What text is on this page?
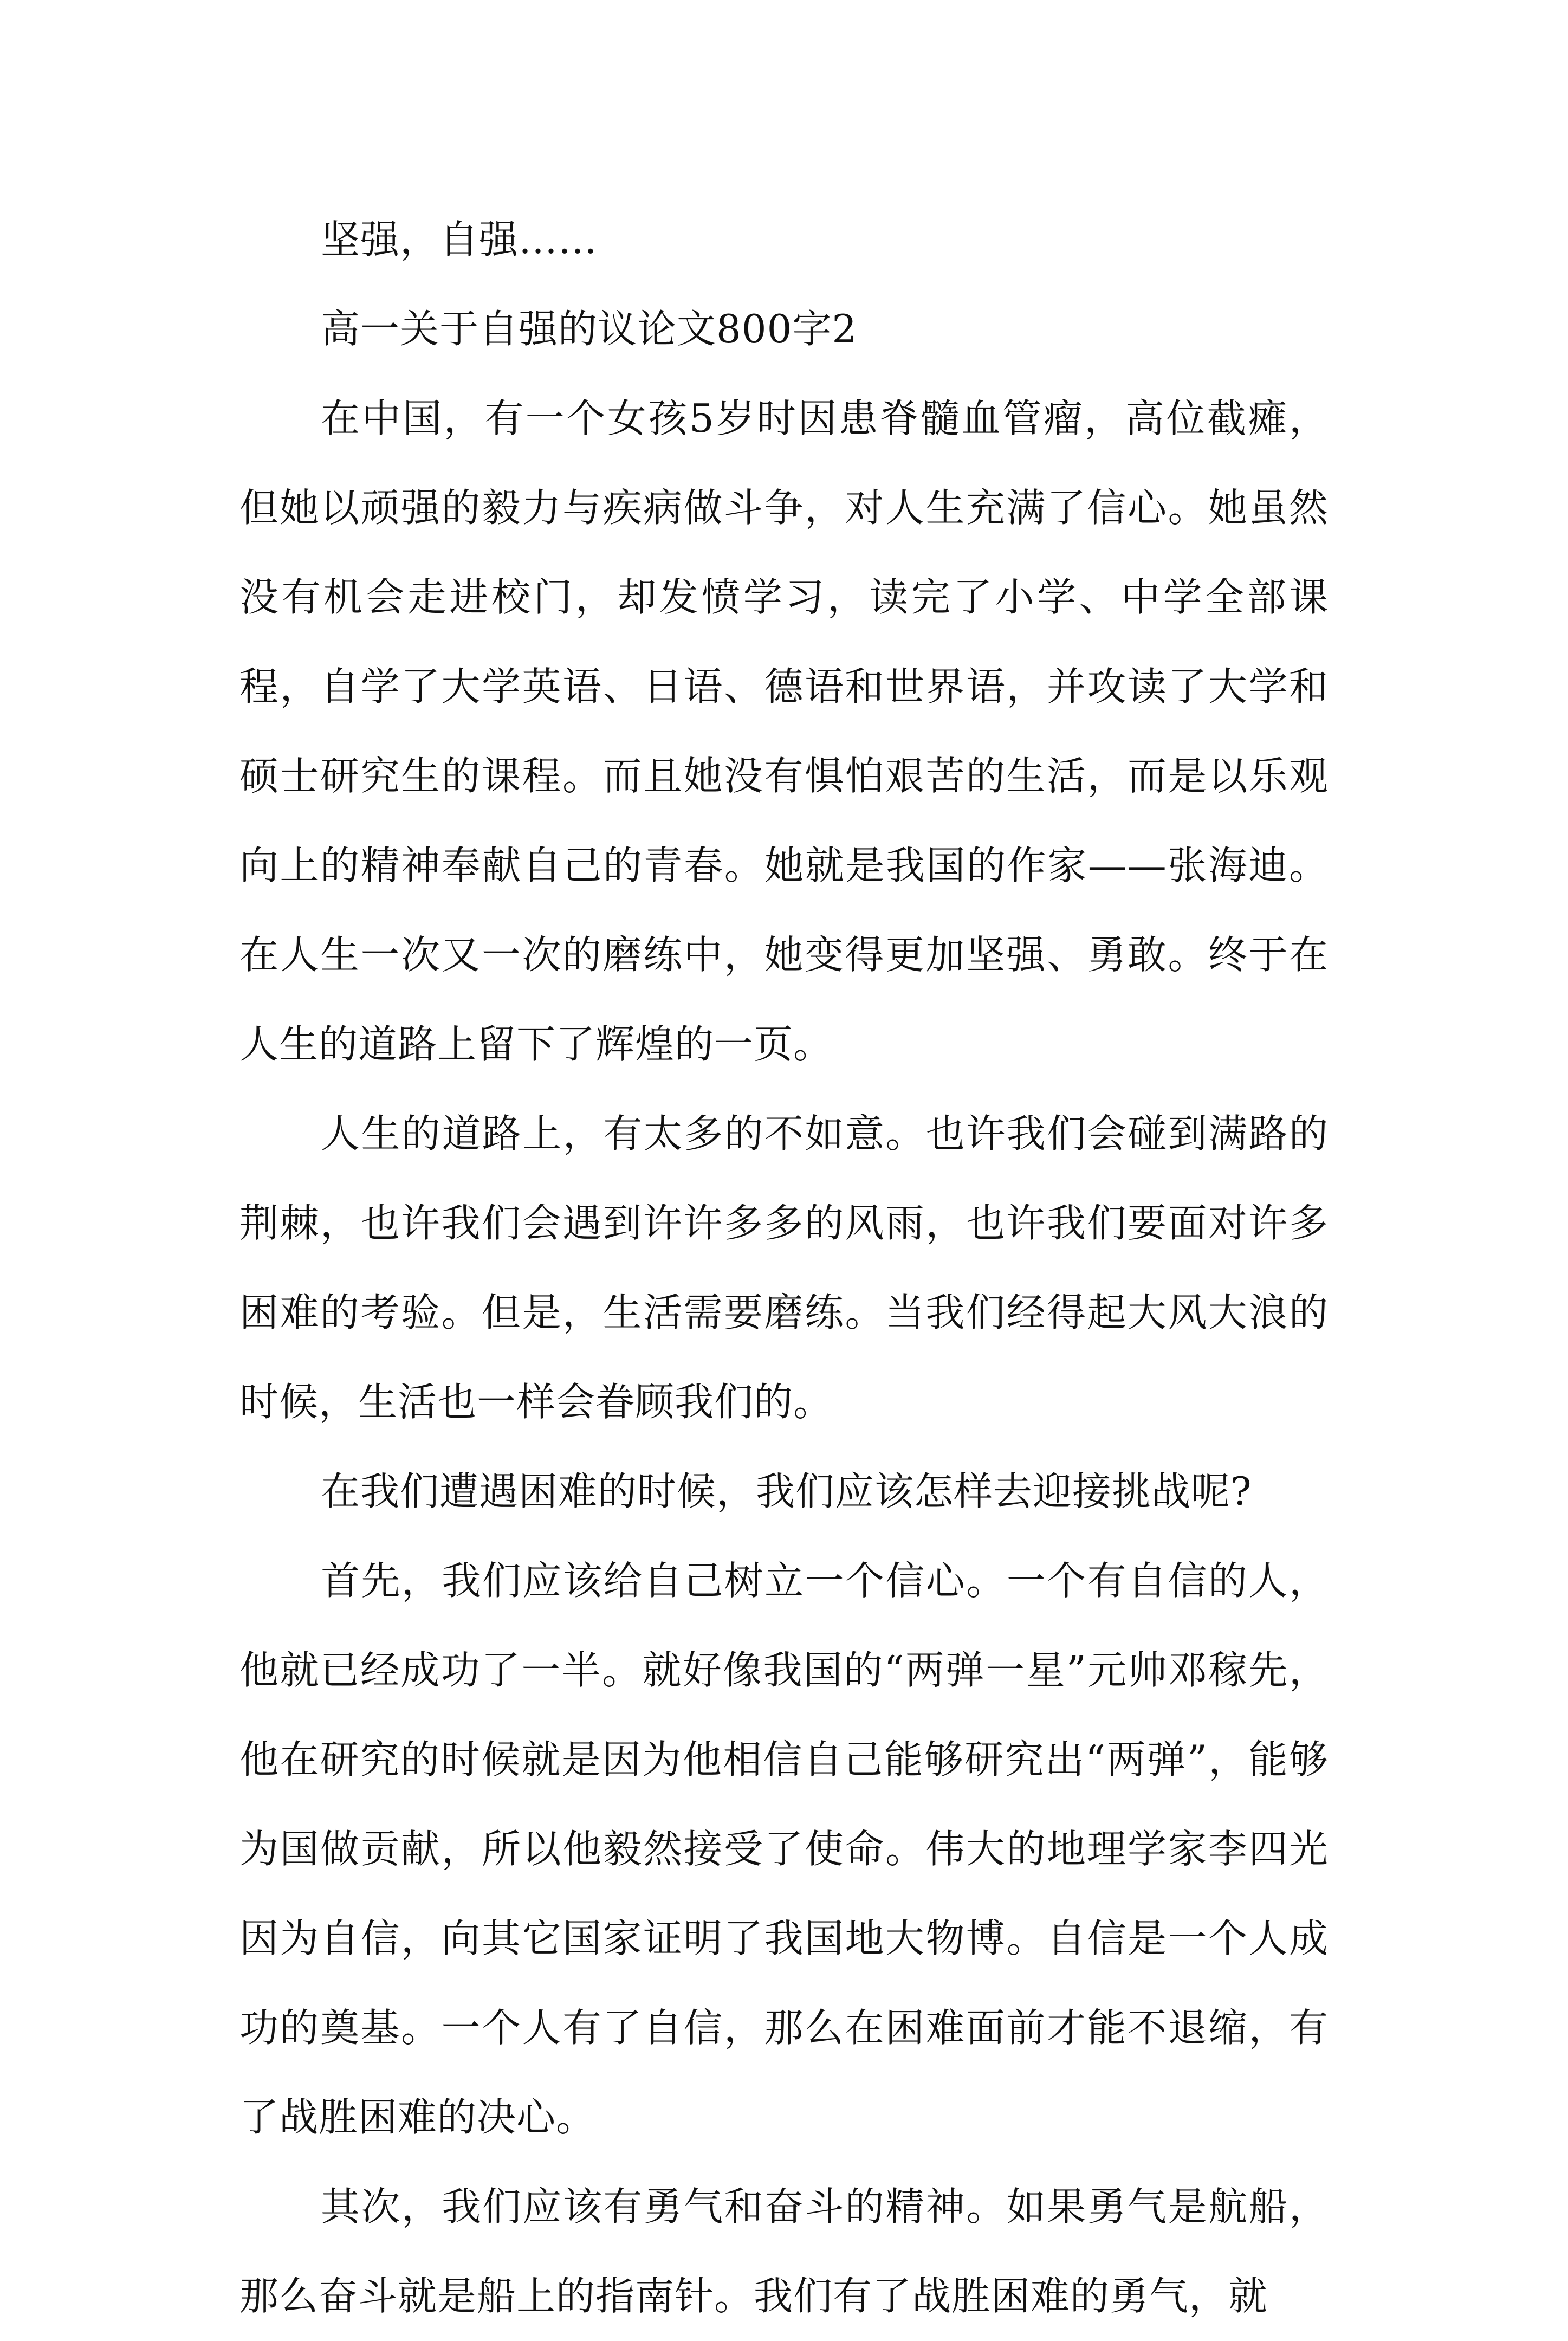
坚强，自强……

高一关于自强的议论文800字2

在中国，有一个女孩5岁时因患脊髓血管瘤，高位截瘫，但她以顽强的毅力与疾病做斗争，对人生充满了信心。她虽然没有机会走进校门，却发愤学习，读完了小学、中学全部课程，自学了大学英语、日语、德语和世界语，并攻读了大学和硕士研究生的课程。而且她没有惧怕艰苦的生活，而是以乐观向上的精神奉献自己的青春。她就是我国的作家——张海迪。在人生一次又一次的磨练中，她变得更加坚强、勇敢。终于在人生的道路上留下了辉煌的一页。

人生的道路上，有太多的不如意。也许我们会碰到满路的荆棘，也许我们会遇到许许多多的风雨，也许我们要面对许多困难的考验。但是，生活需要磨练。当我们经得起大风大浪的时候，生活也一样会眷顾我们的。

在我们遭遇困难的时候，我们应该怎样去迎接挑战呢?

首先，我们应该给自己树立一个信心。一个有自信的人，他就已经成功了一半。就好像我国的“两弹一星”元帅邓稼先，他在研究的时候就是因为他相信自己能够研究出“两弹”，能够为国做贡献，所以他毅然接受了使命。伟大的地理学家李四光因为自信，向其它国家证明了我国地大物博。自信是一个人成功的奠基。一个人有了自信，那么在困难面前才能不退缩，有了战胜困难的决心。

其次，我们应该有勇气和奋斗的精神。如果勇气是航船，那么奋斗就是船上的指南针。我们有了战胜困难的勇气，就
